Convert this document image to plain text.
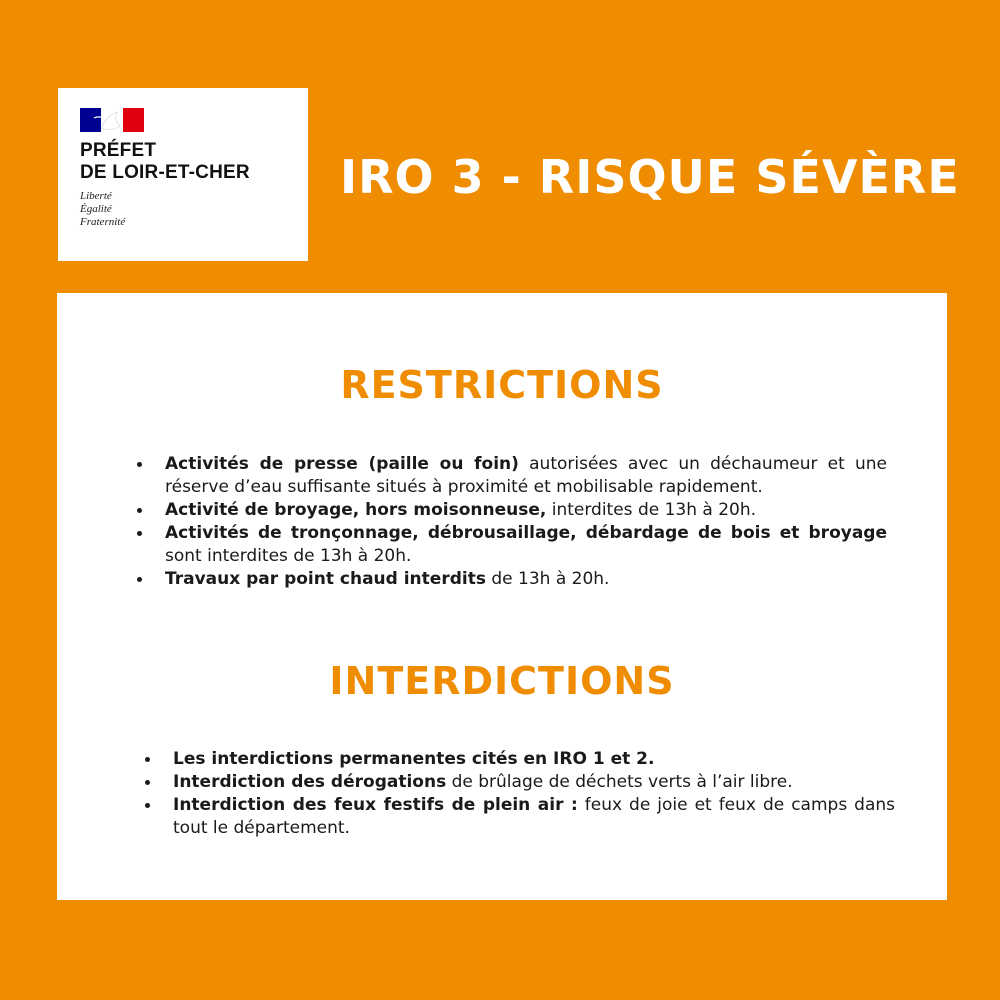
PRÉFET
DE LOIR-ET-CHER
Liberté
Égalité
Fraternité
IRO 3 - RISQUE SÉVÈRE
RESTRICTIONS
Activités de presse (paille ou foin) autorisées avec un déchaumeur et une réserve d’eau suffisante situés à proximité et mobilisable rapidement.
Activité de broyage, hors moisonneuse, interdites de 13h à 20h.
Activités de tronçonnage, débrousaillage, débardage de bois et broyage sont interdites de 13h à 20h.
Travaux par point chaud interdits de 13h à 20h.
INTERDICTIONS
Les interdictions permanentes cités en IRO 1 et 2.
Interdiction des dérogations de brûlage de déchets verts à l’air libre.
Interdiction des feux festifs de plein air : feux de joie et feux de camps dans tout le département.
